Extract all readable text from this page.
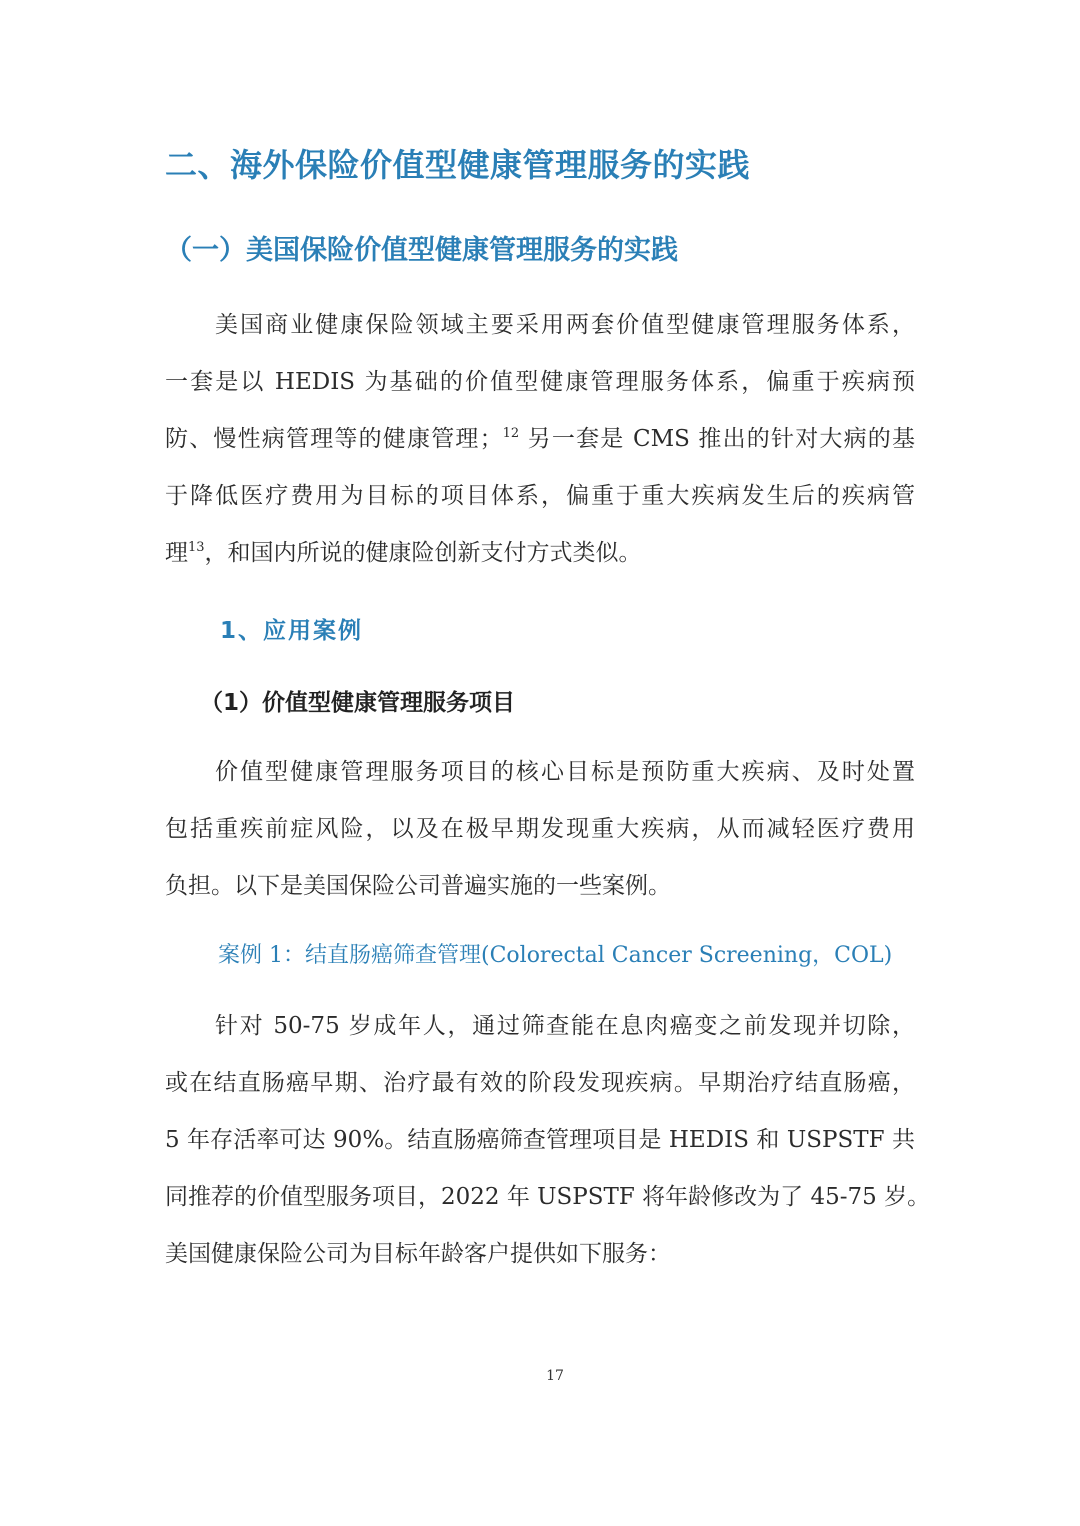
二、海外保险价值型健康管理服务的实践
（一）美国保险价值型健康管理服务的实践
美国商业健康保险领域主要采用两套价值型健康管理服务体系，
一套是以 HEDIS 为基础的价值型健康管理服务体系，偏重于疾病预
防、慢性病管理等的健康管理；$^{12}$ 另一套是 CMS 推出的针对大病的基
于降低医疗费用为目标的项目体系，偏重于重大疾病发生后的疾病管
理$^{13}$，和国内所说的健康险创新支付方式类似。
1、应用案例
（1）价值型健康管理服务项目
价值型健康管理服务项目的核心目标是预防重大疾病、及时处置
包括重疾前症风险，以及在极早期发现重大疾病，从而减轻医疗费用
负担。以下是美国保险公司普遍实施的一些案例。
案例 1：结直肠癌筛查管理(Colorectal Cancer Screening，COL)
针对 50-75 岁成年人，通过筛查能在息肉癌变之前发现并切除，
或在结直肠癌早期、治疗最有效的阶段发现疾病。早期治疗结直肠癌，
5 年存活率可达 90%。结直肠癌筛查管理项目是 HEDIS 和 USPSTF 共
同推荐的价值型服务项目，2022 年 USPSTF 将年龄修改为了 45-75 岁。
美国健康保险公司为目标年龄客户提供如下服务：
17
